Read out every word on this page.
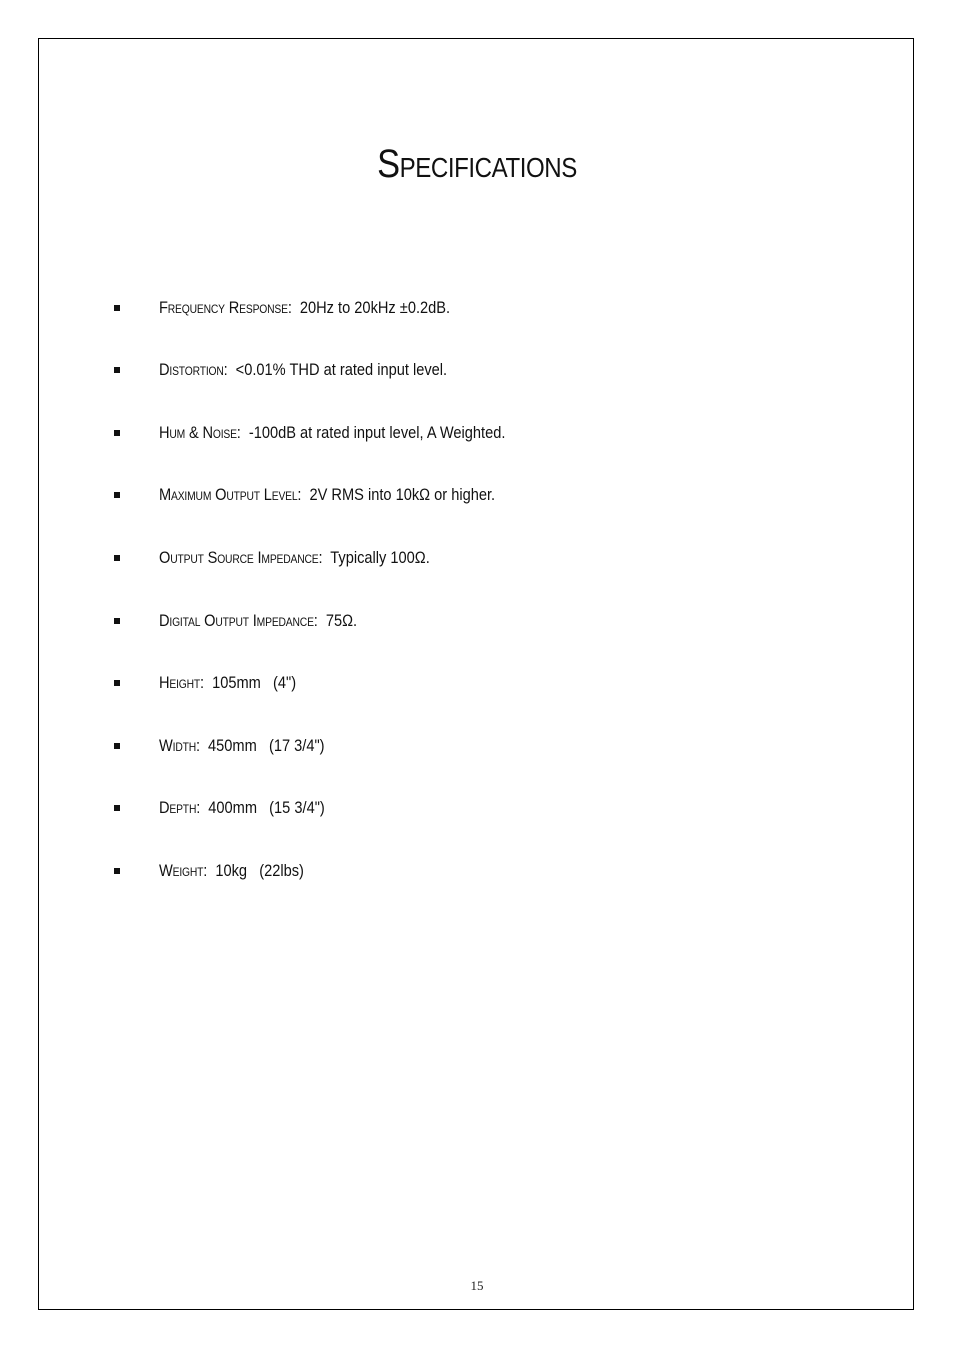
Specifications
Frequency Response:  20Hz to 20kHz ±0.2dB.
Distortion:  <0.01% THD at rated input level.
Hum & Noise:  -100dB at rated input level, A Weighted.
Maximum Output Level:  2V RMS into 10kΩ or higher.
Output Source Impedance:  Typically 100Ω.
Digital Output Impedance:  75Ω.
Height:  105mm   (4")
Width:  450mm   (17 3/4")
Depth:  400mm   (15 3/4")
Weight:  10kg   (22lbs)
15
